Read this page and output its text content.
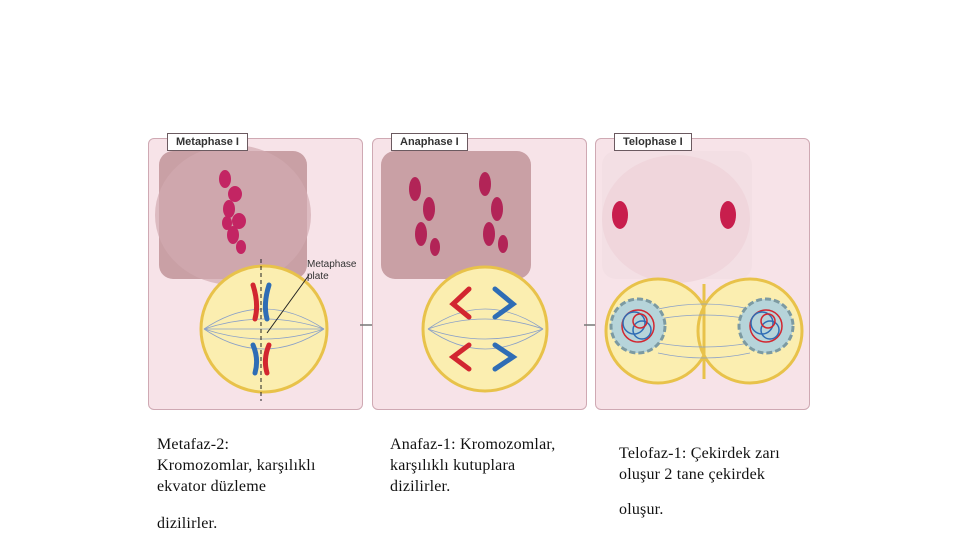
Metaphase I
Metaphase
plate
Anaphase I	Telophase I
Metafaz-2:
Kromozomlar, karşılıklı
ekvator düzleme
dizilirler.
Anafaz-1: Kromozomlar,
karşılıklı kutuplara
dizilirler.
Telofaz-1: Çekirdek zarı
oluşur 2 tane çekirdek
oluşur.
